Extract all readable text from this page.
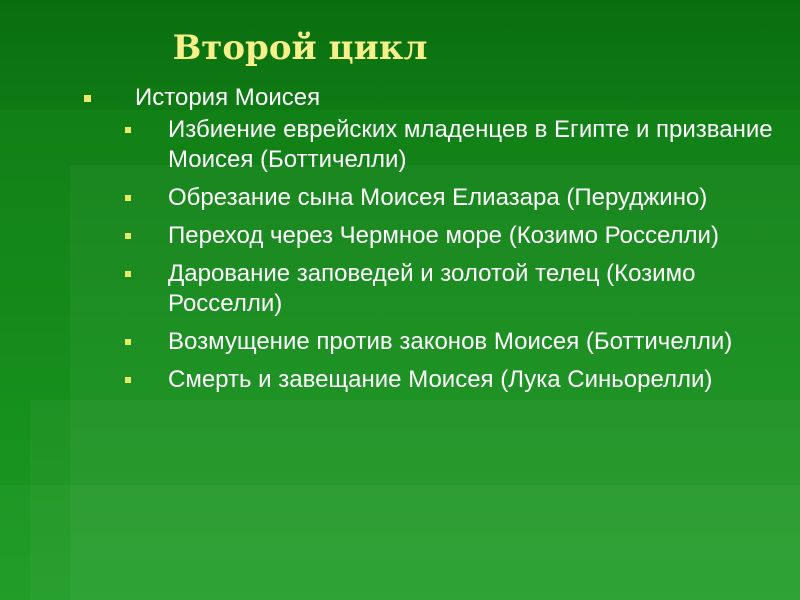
Второй цикл
История Моисея
Избиение еврейских младенцев в Египте и призвание Моисея (Боттичелли)
Обрезание сына Моисея Елиазара (Перуджино)
Переход через Чермное море (Козимо Росселли)
Дарование заповедей и золотой телец (Козимо Росселли)
Возмущение против законов Моисея (Боттичелли)
Смерть и завещание Моисея (Лука Синьорелли)
